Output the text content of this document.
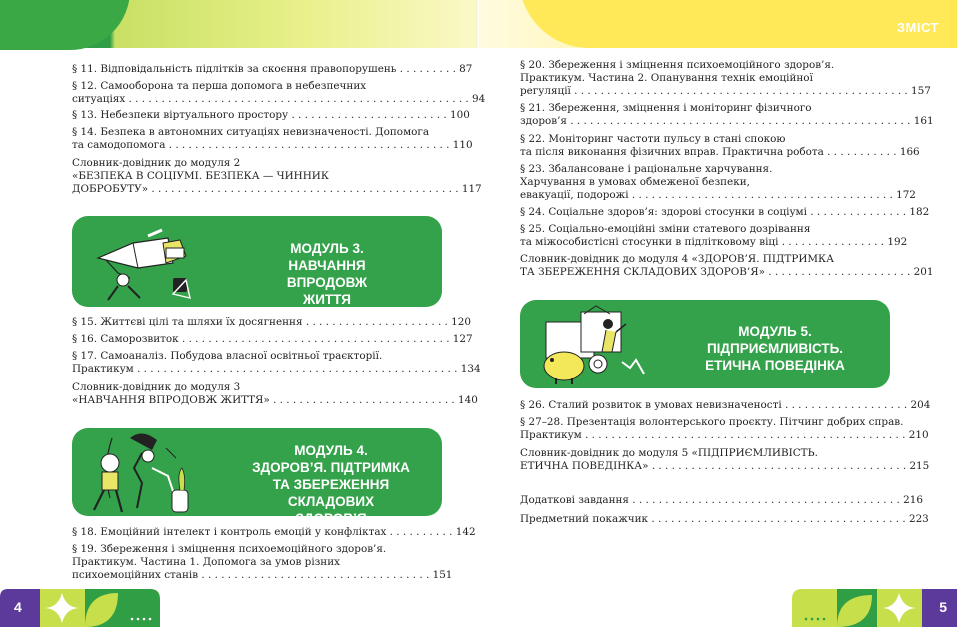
ЗМІСТ
§ 11. Відповідальність підлітків за скоєння правопорушень . . . . . . . . . 87
§ 12. Самооборона та перша допомога в небезпечних
ситуацiях . . . . . . . . . . . . . . . . . . . . . . . . . . . . . . . . . . . . . . . . . . . . . . . . . . . . 94
§ 13. Небезпеки віртуального простору . . . . . . . . . . . . . . . . . . . . . . . . 100
§ 14. Безпека в автономних ситуаціях невизначеності. Допомога
та самодопомога . . . . . . . . . . . . . . . . . . . . . . . . . . . . . . . . . . . . . . . . . . . 110
Словник-довідник до модуля 2
«БЕЗПЕКА В СОЦІУМІ. БЕЗПЕКА — ЧИННИК
ДОБРОБУТУ» . . . . . . . . . . . . . . . . . . . . . . . . . . . . . . . . . . . . . . . . . . . . . . . 117
МОДУЛЬ 3.
НАВЧАННЯ ВПРОДОВЖ
ЖИТТЯ
§ 15. Життєві цілі та шляхи їх досягнення . . . . . . . . . . . . . . . . . . . . . . 120
§ 16. Саморозвиток . . . . . . . . . . . . . . . . . . . . . . . . . . . . . . . . . . . . . . . . . 127
§ 17. Самоаналіз. Побудова власної освітньої траєкторії.
Практикум . . . . . . . . . . . . . . . . . . . . . . . . . . . . . . . . . . . . . . . . . . . . . . . . . 134
Словник-довідник до модуля 3
«НАВЧАННЯ ВПРОДОВЖ ЖИТТЯ» . . . . . . . . . . . . . . . . . . . . . . . . . . . . 140
МОДУЛЬ 4.
ЗДОРОВ’Я. ПІДТРИМКА
ТА ЗБЕРЕЖЕННЯ СКЛАДОВИХ
ЗДОРОВ’Я
§ 18. Емоційний інтелект і контроль емоцій у конфліктах . . . . . . . . . . 142
§ 19. Збереження і зміцнення психоемоційного здоров’я.
Практикум. Частина 1. Допомога за умов різних
психоемоційних станів . . . . . . . . . . . . . . . . . . . . . . . . . . . . . . . . . . . 151
§ 20. Збереження і зміцнення психоемоційного здоров’я.
Практикум. Частина 2. Опанування технік емоційної
регуляції . . . . . . . . . . . . . . . . . . . . . . . . . . . . . . . . . . . . . . . . . . . . . . . . . . . 157
§ 21. Збереження, зміцнення і моніторинг фізичного
здоров’я . . . . . . . . . . . . . . . . . . . . . . . . . . . . . . . . . . . . . . . . . . . . . . . . . . . . 161
§ 22. Моніторинг частоти пульсу в стані спокою
та після виконання фізичних вправ. Практична робота . . . . . . . . . . . 166
§ 23. Збалансоване і раціональне харчування.
Харчування в умовах обмеженої безпеки,
евакуації, подорожі . . . . . . . . . . . . . . . . . . . . . . . . . . . . . . . . . . . . . . . . 172
§ 24. Соціальне здоров’я: здорові стосунки в соціумі . . . . . . . . . . . . . . . 182
§ 25. Соціально-емоційні зміни статевого дозрівання
та міжособистісні стосунки в підлітковому віці . . . . . . . . . . . . . . . . 192
Словник-довідник до модуля 4 «ЗДОРОВ’Я. ПІДТРИМКА
ТА ЗБЕРЕЖЕННЯ СКЛАДОВИХ ЗДОРОВ’Я» . . . . . . . . . . . . . . . . . . . . . . 201
МОДУЛЬ 5.
ПІДПРИЄМЛИВІСТЬ.
ЕТИЧНА ПОВЕДІНКА
§ 26. Сталий розвиток в умовах невизначеності . . . . . . . . . . . . . . . . . . . 204
§ 27–28. Презентація волонтерського проєкту. Пітчинг добрих справ.
Практикум . . . . . . . . . . . . . . . . . . . . . . . . . . . . . . . . . . . . . . . . . . . . . . . . . 210
Словник-довідник до модуля 5 «ПІДПРИЄМЛИВІСТЬ.
ЕТИЧНА ПОВЕДІНКА» . . . . . . . . . . . . . . . . . . . . . . . . . . . . . . . . . . . . . . . 215
Додаткові завдання . . . . . . . . . . . . . . . . . . . . . . . . . . . . . . . . . . . . . . . . . 216
Предметний покажчик . . . . . . . . . . . . . . . . . . . . . . . . . . . . . . . . . . . . . . . 223
4	5
